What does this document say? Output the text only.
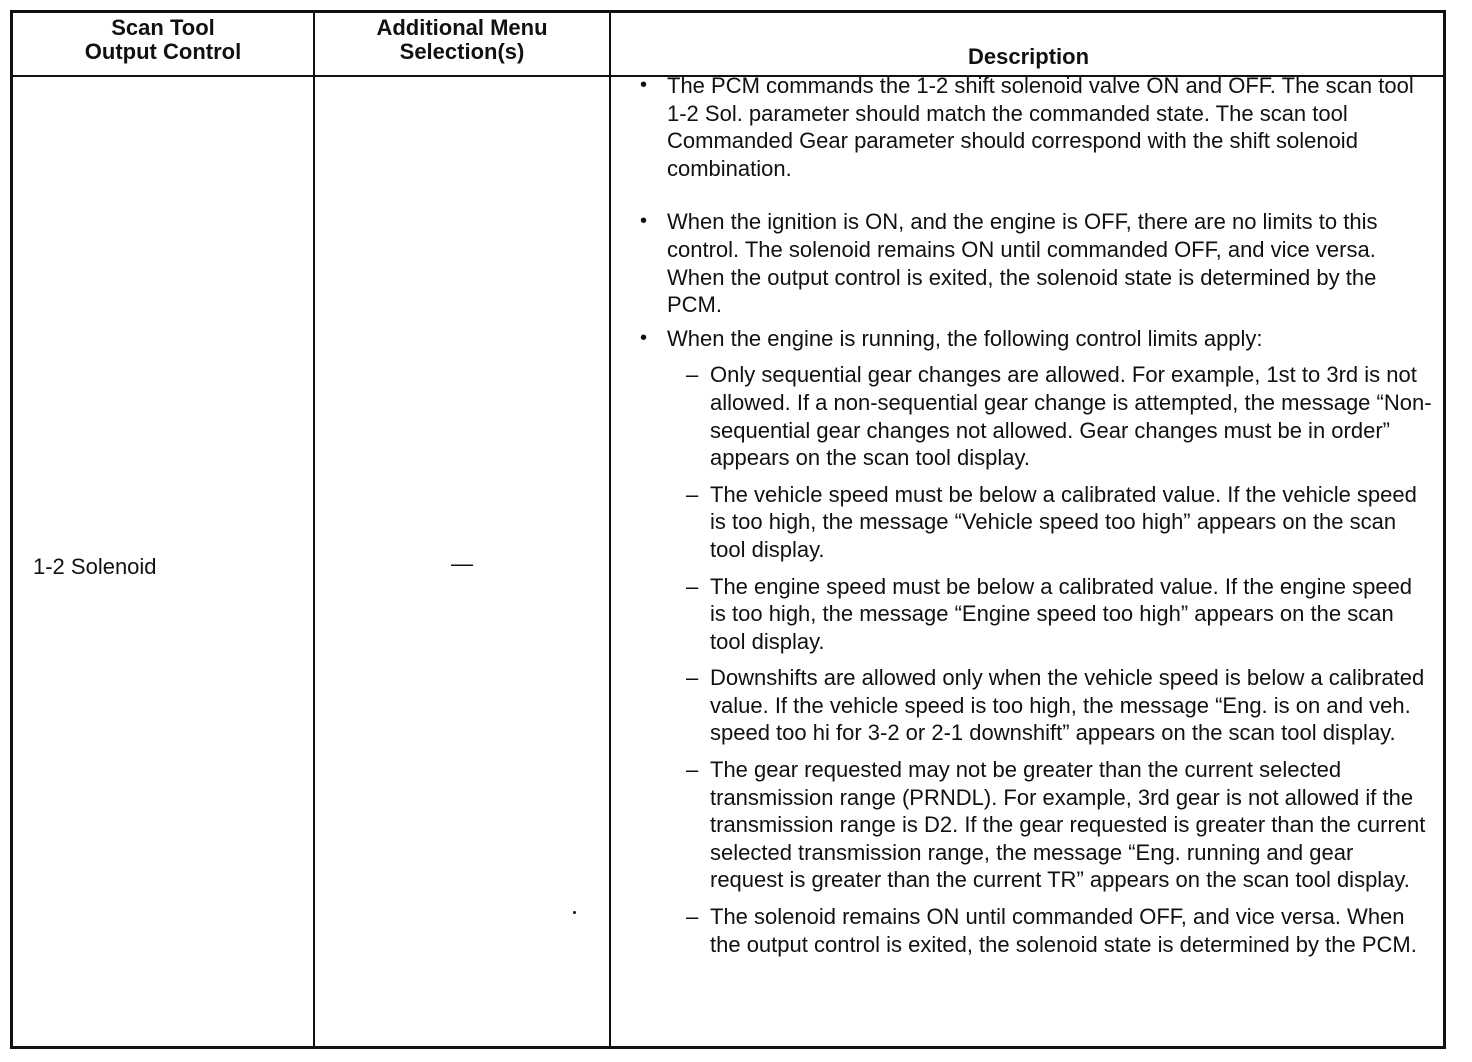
Scan Tool
Output Control
Additional Menu
Selection(s)	Description
1-2 Solenoid	—

• The PCM commands the 1-2 shift solenoid valve ON and OFF. The scan tool 1-2 Sol. parameter should match the commanded state. The scan tool Commanded Gear parameter should correspond with the shift solenoid combination.

• When the ignition is ON, and the engine is OFF, there are no limits to this control. The solenoid remains ON until commanded OFF, and vice versa. When the output control is exited, the solenoid state is determined by the PCM.

• When the engine is running, the following control limits apply:

– Only sequential gear changes are allowed. For example, 1st to 3rd is not allowed. If a non-sequential gear change is attempted, the message “Non-sequential gear changes not allowed. Gear changes must be in order” appears on the scan tool display.

– The vehicle speed must be below a calibrated value. If the vehicle speed is too high, the message “Vehicle speed too high” appears on the scan tool display.

– The engine speed must be below a calibrated value. If the engine speed is too high, the message “Engine speed too high” appears on the scan tool display.

– Downshifts are allowed only when the vehicle speed is below a calibrated value. If the vehicle speed is too high, the message “Eng. is on and veh. speed too hi for 3-2 or 2-1 downshift” appears on the scan tool display.

– The gear requested may not be greater than the current selected transmission range (PRNDL). For example, 3rd gear is not allowed if the transmission range is D2. If the gear requested is greater than the current selected transmission range, the message “Eng. running and gear request is greater than the current TR” appears on the scan tool display.

– The solenoid remains ON until commanded OFF, and vice versa. When the output control is exited, the solenoid state is determined by the PCM.
